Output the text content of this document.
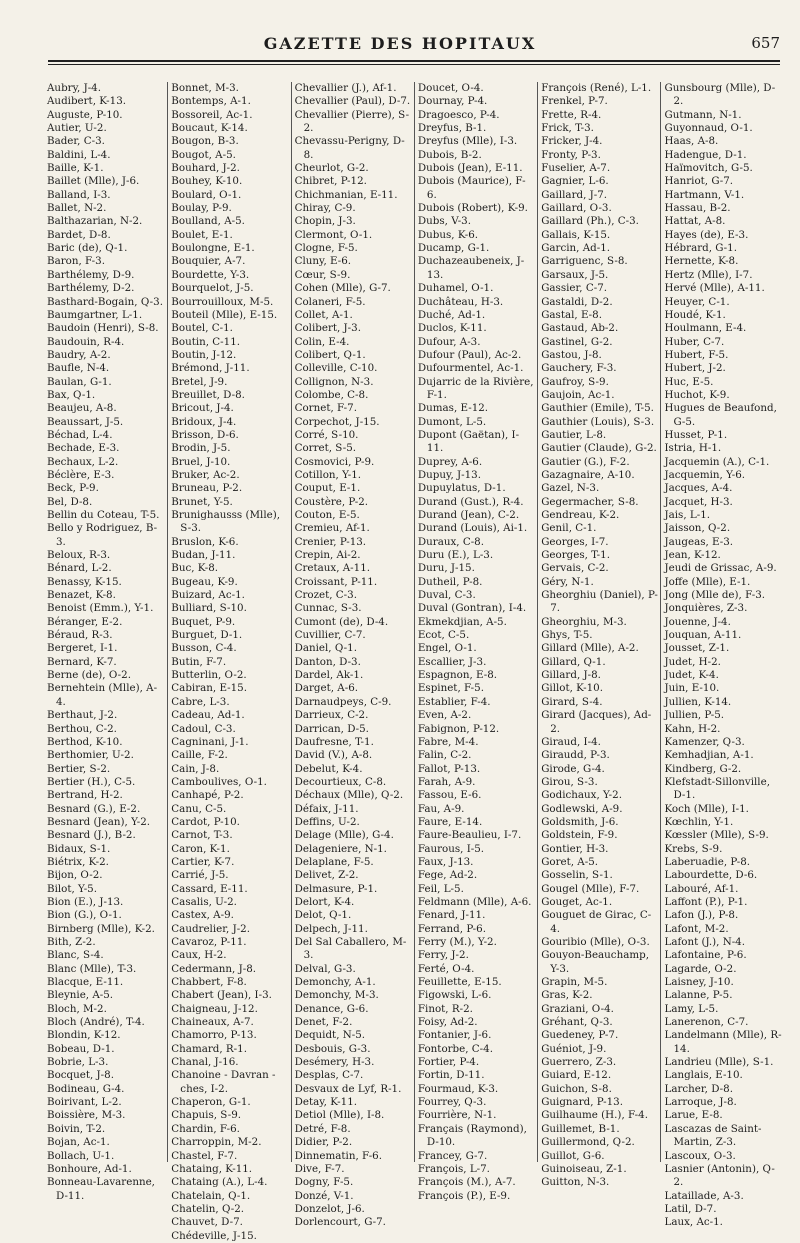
GAZETTE DES HOPITAUX	657
Aubry, J-4.
Audibert, K-13.
Auguste, P-10.
Autier, U-2.
Bader, C-3.
Baldini, L-4.
Baille, K-1.
Baillet (Mlle), J-6.
Balland, I-3.
Ballet, N-2.
Balthazarian, N-2.
Bardet, D-8.
Baric (de), Q-1.
Baron, F-3.
Barthélemy, D-9.
Barthélemy, D-2.
Basthard-Bogain, Q-3.
Baumgartner, L-1.
Baudoin (Henri), S-8.
Baudouin, R-4.
Baudry, A-2.
Baufle, N-4.
Baulan, G-1.
Bax, Q-1.
Beaujeu, A-8.
Beaussart, J-5.
Béchad, L-4.
Bechade, E-3.
Bechaux, L-2.
Béclère, E-3.
Beck, P-9.
Bel, D-8.
Bellin du Coteau, T-5.
Bello y Rodriguez, B-3.
Beloux, R-3.
Bénard, L-2.
Benassy, K-15.
Benazet, K-8.
Benoist (Emm.), Y-1.
Béranger, E-2.
Béraud, R-3.
Bergeret, I-1.
Bernard, K-7.
Berne (de), O-2.
Bernehtein (Mlle), A-4.
Berthaut, J-2.
Berthou, C-2.
Berthod, K-10.
Berthomier, U-2.
Bertier, S-2.
Bertier (H.), C-5.
Bertrand, H-2.
Besnard (G.), E-2.
Besnard (Jean), Y-2.
Besnard (J.), B-2.
Bidaux, S-1.
Biétrix, K-2.
Bijon, O-2.
Bilot, Y-5.
Bion (E.), J-13.
Bion (G.), O-1.
Birnberg (Mlle), K-2.
Bith, Z-2.
Blanc, S-4.
Blanc (Mlle), T-3.
Blacque, E-11.
Bleynie, A-5.
Bloch, M-2.
Bloch (André), T-4.
Blondin, K-12.
Bobeau, D-1.
Bobrie, L-3.
Bocquet, J-8.
Bodineau, G-4.
Boirivant, L-2.
Boissière, M-3.
Boivin, T-2.
Bojan, Ac-1.
Bollach, U-1.
Bonhoure, Ad-1.
Bonneau-Lavarenne, D-11.
Bonnet, M-3.
Bontemps, A-1.
Bossoreil, Ac-1.
Boucaut, K-14.
Bougon, B-3.
Bougot, A-5.
Bouhard, J-2.
Bouhey, K-10.
Boulard, O-1.
Boulay, P-9.
Boulland, A-5.
Boulet, E-1.
Boulongne, E-1.
Bouquier, A-7.
Bourdette, Y-3.
Bourquelot, J-5.
Bourrouilloux, M-5.
Bouteil (Mlle), E-15.
Boutel, C-1.
Boutin, C-11.
Boutin, J-12.
Brémond, J-11.
Bretel, J-9.
Breuillet, D-8.
Bricout, J-4.
Bridoux, J-4.
Brisson, D-6.
Brodin, J-5.
Bruel, J-10.
Bruker, Ac-2.
Bruneau, P-2.
Brunet, Y-5.
Brunighausss (Mlle), S-3.
Bruslon, K-6.
Budan, J-11.
Buc, K-8.
Bugeau, K-9.
Buizard, Ac-1.
Bulliard, S-10.
Buquet, P-9.
Burguet, D-1.
Busson, C-4.
Butin, F-7.
Butterlin, O-2.
Cabiran, E-15.
Cabre, L-3.
Cadeau, Ad-1.
Cadoul, C-3.
Cagninani, J-1.
Caille, F-2.
Cain, J-8.
Camboulives, O-1.
Canhapé, P-2.
Canu, C-5.
Cardot, P-10.
Carnot, T-3.
Caron, K-1.
Cartier, K-7.
Carrié, J-5.
Cassard, E-11.
Casalis, U-2.
Castex, A-9.
Caudrelier, J-2.
Cavaroz, P-11.
Caux, H-2.
Cedermann, J-8.
Chabbert, F-8.
Chabert (Jean), I-3.
Chaigneau, J-12.
Chaineaux, A-7.
Chamorro, P-13.
Chamard, R-1.
Chanal, J-16.
Chanoine - Davran - ches, I-2.
Chaperon, G-1.
Chapuis, S-9.
Chardin, F-6.
Charroppin, M-2.
Chastel, F-7.
Chataing, K-11.
Chataing (A.), L-4.
Chatelain, Q-1.
Chatelin, Q-2.
Chauvet, D-7.
Chédeville, J-15.
Chevallier (J.), Af-1.
Chevallier (Paul), D-7.
Chevallier (Pierre), S-2.
Chevassu-Perigny, D-8.
Cheurlot, G-2.
Chibret, P-12.
Chichmanian, E-11.
Chiray, C-9.
Chopin, J-3.
Clermont, O-1.
Clogne, F-5.
Cluny, E-6.
Cœur, S-9.
Cohen (Mlle), G-7.
Colaneri, F-5.
Collet, A-1.
Colibert, J-3.
Colin, E-4.
Colibert, Q-1.
Colleville, C-10.
Collignon, N-3.
Colombe, C-8.
Cornet, F-7.
Corpechot, J-15.
Corré, S-10.
Corret, S-5.
Cosmovici, P-9.
Cotillon, Y-1.
Couput, E-1.
Coustère, P-2.
Couton, E-5.
Cremieu, Af-1.
Crenier, P-13.
Crepin, Ai-2.
Cretaux, A-11.
Croissant, P-11.
Crozet, C-3.
Cunnac, S-3.
Cumont (de), D-4.
Cuvillier, C-7.
Daniel, Q-1.
Danton, D-3.
Dardel, Ak-1.
Darget, A-6.
Darnaudpeys, C-9.
Darrieux, C-2.
Darrican, D-5.
Daufresne, T-1.
David (V.), A-8.
Debelut, K-4.
Decourtieux, C-8.
Déchaux (Mlle), Q-2.
Défaix, J-11.
Deffins, U-2.
Delage (Mlle), G-4.
Delageniere, N-1.
Delaplane, F-5.
Delivet, Z-2.
Delmasure, P-1.
Delort, K-4.
Delot, Q-1.
Delpech, J-11.
Del Sal Caballero, M-3.
Delval, G-3.
Demonchy, A-1.
Demonchy, M-3.
Denance, G-6.
Denet, F-2.
Dequidt, N-5.
Desbouis, G-3.
Desémery, H-3.
Desplas, C-7.
Desvaux de Lyf, R-1.
Detay, K-11.
Detiol (Mlle), I-8.
Detré, F-8.
Didier, P-2.
Dinnematin, F-6.
Dive, F-7.
Dogny, F-5.
Donzé, V-1.
Donzelot, J-6.
Dorlencourt, G-7.
Doucet, O-4.
Dournay, P-4.
Dragoesco, P-4.
Dreyfus, B-1.
Dreyfus (Mlle), I-3.
Dubois, B-2.
Dubois (Jean), E-11.
Dubois (Maurice), F-6.
Dubois (Robert), K-9.
Dubs, V-3.
Dubus, K-6.
Ducamp, G-1.
Duchazeaubeneix, J-13.
Duhamel, O-1.
Duchâteau, H-3.
Duché, Ad-1.
Duclos, K-11.
Dufour, A-3.
Dufour (Paul), Ac-2.
Dufourmentel, Ac-1.
Dujarric de la Rivière, F-1.
Dumas, E-12.
Dumont, L-5.
Dupont (Gaëtan), I-11.
Duprey, A-6.
Dupuy, J-13.
Dupuylatus, D-1.
Durand (Gust.), R-4.
Durand (Jean), C-2.
Durand (Louis), Ai-1.
Duraux, C-8.
Duru (E.), L-3.
Duru, J-15.
Dutheil, P-8.
Duval, C-3.
Duval (Gontran), I-4.
Ekmekdjian, A-5.
Ecot, C-5.
Engel, O-1.
Escallier, J-3.
Espagnon, E-8.
Espinet, F-5.
Establier, F-4.
Even, A-2.
Fabignon, P-12.
Fabre, M-4.
Falin, C-2.
Fallot, P-13.
Farah, A-9.
Fassou, E-6.
Fau, A-9.
Faure, E-14.
Faure-Beaulieu, I-7.
Faurous, I-5.
Faux, J-13.
Fege, Ad-2.
Feil, L-5.
Feldmann (Mlle), A-6.
Fenard, J-11.
Ferrand, P-6.
Ferry (M.), Y-2.
Ferry, J-2.
Ferté, O-4.
Feuillette, E-15.
Figowski, L-6.
Finot, R-2.
Foisy, Ad-2.
Fontanier, J-6.
Fontorbe, C-4.
Fortier, P-4.
Fortin, D-11.
Fourmaud, K-3.
Fourrey, Q-3.
Fourrière, N-1.
Français (Raymond), D-10.
Francey, G-7.
François, L-7.
François (M.), A-7.
François (P.), E-9.
François (René), L-1.
Frenkel, P-7.
Frette, R-4.
Frick, T-3.
Fricker, J-4.
Fronty, P-3.
Fuselier, A-7.
Gagnier, L-6.
Gaillard, J-7.
Gaillard, O-3.
Gaillard (Ph.), C-3.
Gallais, K-15.
Garcin, Ad-1.
Garriguenc, S-8.
Garsaux, J-5.
Gassier, C-7.
Gastaldi, D-2.
Gastal, E-8.
Gastaud, Ab-2.
Gastinel, G-2.
Gastou, J-8.
Gauchery, F-3.
Gaufroy, S-9.
Gaujoin, Ac-1.
Gauthier (Emile), T-5.
Gauthier (Louis), S-3.
Gautier, L-8.
Gautier (Claude), G-2.
Gautier (G.), F-2.
Gazagnaire, A-10.
Gazel, N-3.
Gegermacher, S-8.
Gendreau, K-2.
Genil, C-1.
Georges, I-7.
Georges, T-1.
Gervais, C-2.
Géry, N-1.
Gheorghiu (Daniel), P-7.
Gheorghiu, M-3.
Ghys, T-5.
Gillard (Mlle), A-2.
Gillard, Q-1.
Gillard, J-8.
Gillot, K-10.
Girard, S-4.
Girard (Jacques), Ad-2.
Giraud, I-4.
Giraudd, P-3.
Girode, G-4.
Girou, S-3.
Godichaux, Y-2.
Godlewski, A-9.
Goldsmith, J-6.
Goldstein, F-9.
Gontier, H-3.
Goret, A-5.
Gosselin, S-1.
Gougel (Mlle), F-7.
Gouget, Ac-1.
Gouguet de Girac, C-4.
Gouribio (Mlle), O-3.
Gouyon-Beauchamp, Y-3.
Grapin, M-5.
Gras, K-2.
Graziani, O-4.
Gréhant, Q-3.
Guedeney, P-7.
Guéniot, J-9.
Guerrero, Z-3.
Guiard, E-12.
Guichon, S-8.
Guignard, P-13.
Guilhaume (H.), F-4.
Guillemet, B-1.
Guillermond, Q-2.
Guillot, G-6.
Guinoiseau, Z-1.
Guitton, N-3.
Gunsbourg (Mlle), D-2.
Gutmann, N-1.
Guyonnaud, O-1.
Haas, A-8.
Hadengue, D-1.
Haïmovitch, G-5.
Hanriot, G-7.
Hartmann, V-1.
Hassau, B-2.
Hattat, A-8.
Hayes (de), E-3.
Hébrard, G-1.
Hernette, K-8.
Hertz (Mlle), I-7.
Hervé (Mlle), A-11.
Heuyer, C-1.
Houdé, K-1.
Houlmann, E-4.
Huber, C-7.
Hubert, F-5.
Hubert, J-2.
Huc, E-5.
Huchot, K-9.
Hugues de Beaufond, G-5.
Husset, P-1.
Istria, H-1.
Jacquemin (A.), C-1.
Jacquemin, Y-6.
Jacques, A-4.
Jacquet, H-3.
Jais, L-1.
Jaisson, Q-2.
Jaugeas, E-3.
Jean, K-12.
Jeudi de Grissac, A-9.
Joffe (Mlle), E-1.
Jong (Mlle de), F-3.
Jonquières, Z-3.
Jouenne, J-4.
Jouquan, A-11.
Jousset, Z-1.
Judet, H-2.
Judet, K-4.
Juin, E-10.
Jullien, K-14.
Jullien, P-5.
Kahn, H-2.
Kamenzer, Q-3.
Kemhadjian, A-1.
Kindberg, G-2.
Klefstadt-Sillonville, D-1.
Koch (Mlle), I-1.
Kœchlin, Y-1.
Kœssler (Mlle), S-9.
Krebs, S-9.
Laberuadie, P-8.
Labourdette, D-6.
Labouré, Af-1.
Laffont (P.), P-1.
Lafon (J.), P-8.
Lafont, M-2.
Lafont (J.), N-4.
Lafontaine, P-6.
Lagarde, O-2.
Laisney, J-10.
Lalanne, P-5.
Lamy, L-5.
Lanerenon, C-7.
Landelmann (Mlle), R-14.
Landrieu (Mlle), S-1.
Langlais, E-10.
Larcher, D-8.
Larroque, J-8.
Larue, E-8.
Lascazas de Saint-Martin, Z-3.
Lascoux, O-3.
Lasnier (Antonin), Q-2.
Lataillade, A-3.
Latil, D-7.
Laux, Ac-1.
